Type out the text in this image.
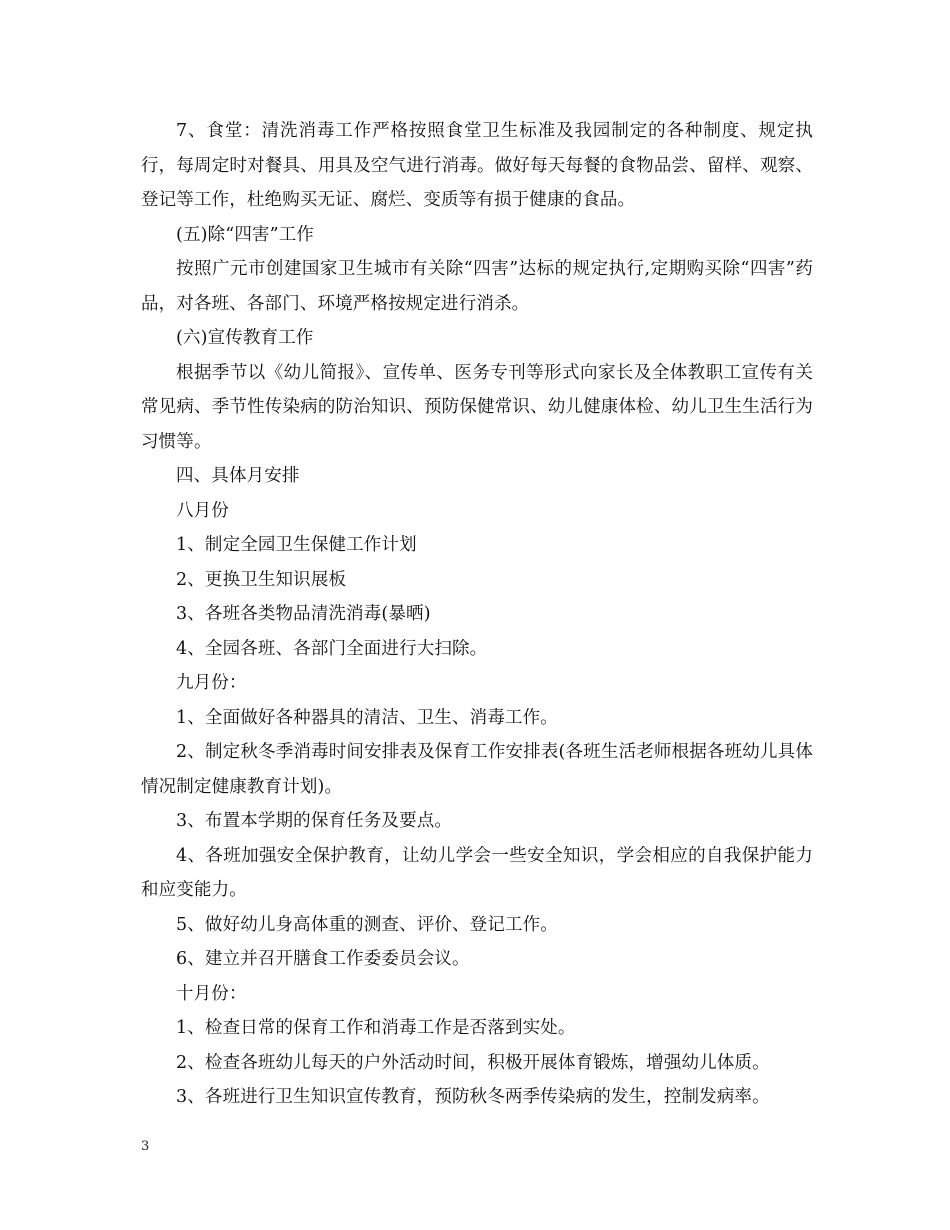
7、食堂：清洗消毒工作严格按照食堂卫生标准及我园制定的各种制度、规定执行，每周定时对餐具、用具及空气进行消毒。做好每天每餐的食物品尝、留样、观察、登记等工作，杜绝购买无证、腐烂、变质等有损于健康的食品。

(五)除“四害”工作

按照广元市创建国家卫生城市有关除“四害”达标的规定执行,定期购买除“四害”药品，对各班、各部门、环境严格按规定进行消杀。

(六)宣传教育工作

根据季节以《幼儿简报》、宣传单、医务专刊等形式向家长及全体教职工宣传有关常见病、季节性传染病的防治知识、预防保健常识、幼儿健康体检、幼儿卫生生活行为习惯等。

四、具体月安排

八月份

1、制定全园卫生保健工作计划

2、更换卫生知识展板

3、各班各类物品清洗消毒(暴晒)

4、全园各班、各部门全面进行大扫除。

九月份：

1、全面做好各种器具的清洁、卫生、消毒工作。

2、制定秋冬季消毒时间安排表及保育工作安排表(各班生活老师根据各班幼儿具体情况制定健康教育计划)。

3、布置本学期的保育任务及要点。

4、各班加强安全保护教育，让幼儿学会一些安全知识，学会相应的自我保护能力和应变能力。

5、做好幼儿身高体重的测查、评价、登记工作。

6、建立并召开膳食工作委委员会议。

十月份：

1、检查日常的保育工作和消毒工作是否落到实处。

2、检查各班幼儿每天的户外活动时间，积极开展体育锻炼，增强幼儿体质。

3、各班进行卫生知识宣传教育，预防秋冬两季传染病的发生，控制发病率。

3
